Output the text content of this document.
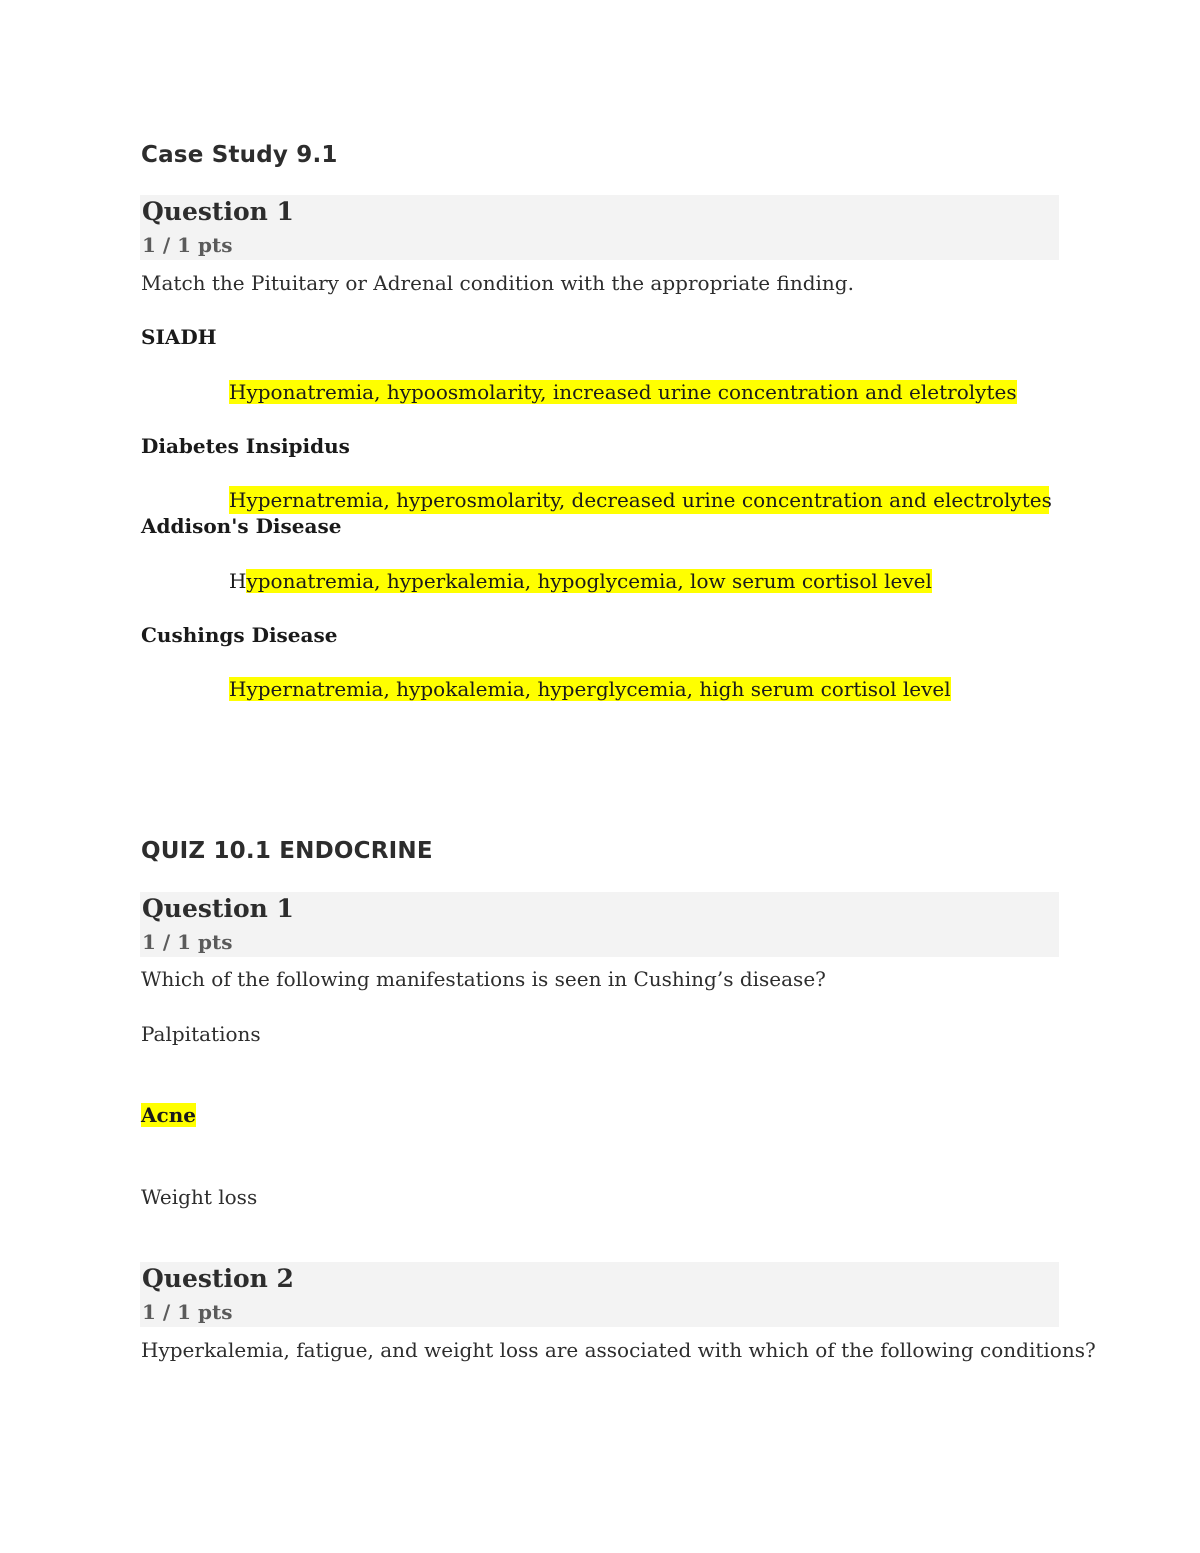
Case Study 9.1
Question 1
1 / 1 pts
Match the Pituitary or Adrenal condition with the appropriate finding.
SIADH
Hyponatremia, hypoosmolarity, increased urine concentration and eletrolytes
Diabetes Insipidus
Hypernatremia, hyperosmolarity, decreased urine concentration and electrolytes
Addison's Disease
Hyponatremia, hyperkalemia, hypoglycemia, low serum cortisol level
Cushings Disease
Hypernatremia, hypokalemia, hyperglycemia, high serum cortisol level
QUIZ 10.1 ENDOCRINE
Question 1
1 / 1 pts
Which of the following manifestations is seen in Cushing’s disease?
Palpitations
Acne
Weight loss
Question 2
1 / 1 pts
Hyperkalemia, fatigue, and weight loss are associated with which of the following conditions?
